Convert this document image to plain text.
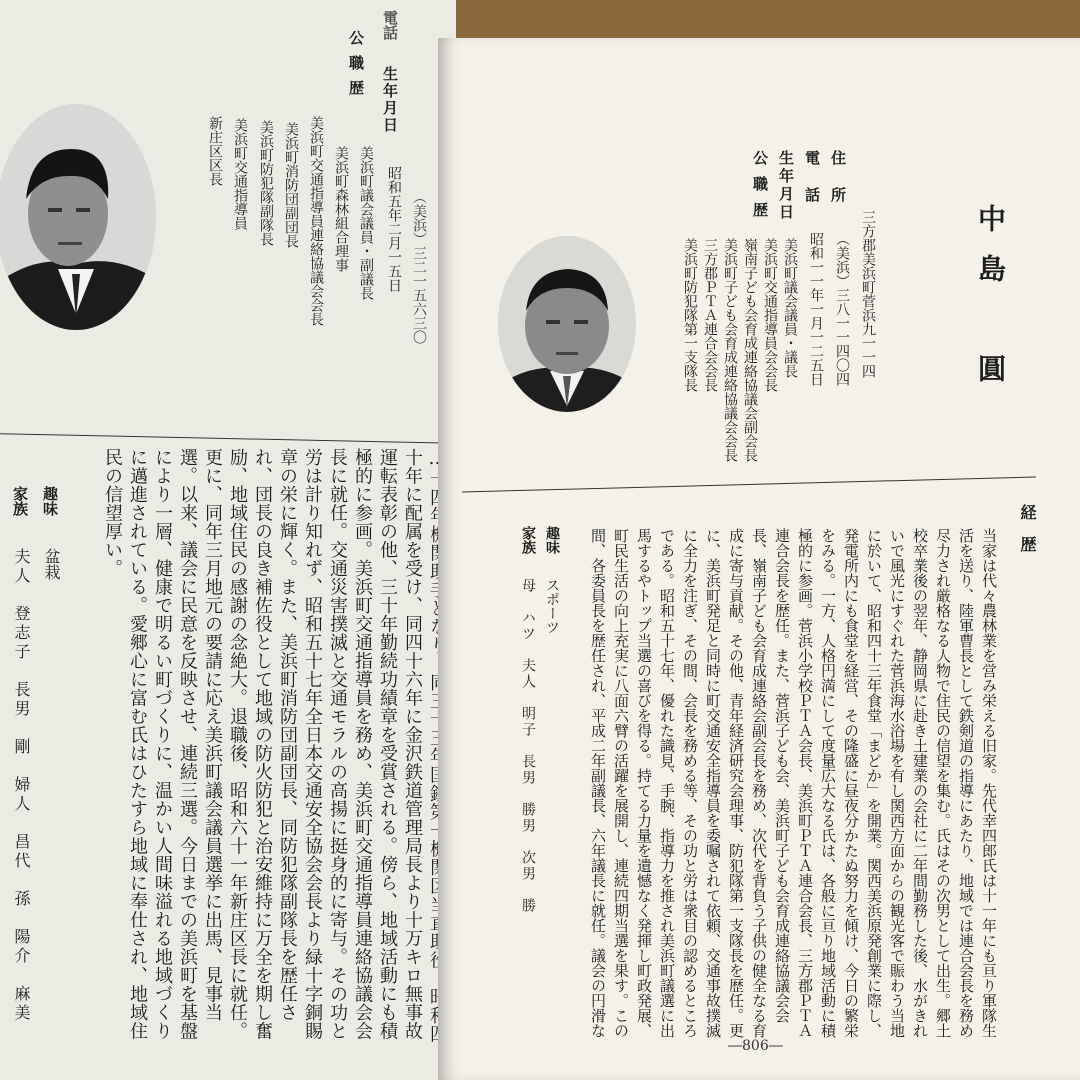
生年月日
電話
公職歴
（美浜）三二一五六三〇
昭和五年二月一五日
美浜町議会議員・副議長
美浜町森林組合理事
美浜町交通指導員連絡協議会会長
美浜町消防団副団長
美浜町防犯隊副隊長
美浜町交通指導員
新庄区区長
十年に配属を受け、同四十六年に金沢鉄道管理局長より十万キロ無事故運転表彰の他、三十年勤続功績章を受賞される。傍ら、地域活動にも積極的に参画。美浜町交通指導員を務め、美浜町交通指導員連絡協議会会長に就任。交通災害撲滅と交通モラルの高揚に挺身的に寄与。その功と労は計り知れず、昭和五十七年全日本交通安全協会会長より緑十字銅賜章の栄に輝く。また、美浜町消防団副団長、同防犯隊副隊長を歴任され、団長の良き補佐役として地域の防火防犯と治安維持に万全を期し奮励、地域住民の感謝の念絶大。退職後、昭和六十一年新庄区長に就任。更に、同年三月地元の要請に応え美浜町議会議員選挙に出馬、見事当選。以来、議会に民意を反映させ、連続三選。今日までの美浜町を基盤により一層、健康で明るい町づくりに、温かい人間味溢れる地域づくりに邁進されている。愛郷心に富む氏はひたすら地域に奉仕され、地域住民の信望厚い。
趣味
盆栽
家族
夫人　登志子　長男　剛　婦人　昌代　孫　陽介　麻美
中島　圓
住所
電話
生年月日
公職歴
三方郡美浜町菅浜九一一四
（美浜）三八一一四〇四
昭和一一年一月一二五日
美浜町議会議員・議長
美浜町交通指導員会会長
嶺南子ども会育成連絡協議会副会長
美浜町子ども会育成連絡協議会会長
三方郡ＰＴＡ連合会会長
美浜町防犯隊第一支隊長
経　歴
当家は代々農林業を営み栄える旧家。先代幸四郎氏は十一年にも亘り軍隊生活を送り、陸軍曹長として鉄剣道の指導にあたり、地域では連合会長を務め尽力され厳格なる人物で住民の信望を集む。氏はその次男として出生。郷土校卒業後の翌年、静岡県に赴き土建業の会社に二年間勤務した後、水がきれいで風光にすぐれた菅浜海水浴場を有し関西方面からの観光客で賑わう当地に於いて、昭和四十三年食堂「まどか」を開業。関西美浜原発創業に際し、発電所内にも食堂を経営、その隆盛に昼夜分かたぬ努力を傾け、今日の繁栄をみる。一方、人格円満にして度量広大なる氏は、各般に亘り地域活動に積極的に参画。菅浜小学校ＰＴＡ会長、美浜町ＰＴＡ連合会長、三方郡ＰＴＡ連合会長を歴任。また、菅浜子ども会、美浜町子ども会育成連絡協議会会長、嶺南子ども会育成連絡会副会長を務め、次代を背負う子供の健全なる育成に寄与貢献。その他、青年経済研究会理事、防犯隊第一支隊長を歴任。更に、美浜町発足と同時に町交通安全指導員を委嘱されて依頼、交通事故撲滅に全力を注ぎ、その間、会長を務める等、その功と労は衆目の認めるところである。昭和五十七年、優れた識見、手腕、指導力を推され美浜町議選に出馬するやトップ当選の喜びを得る。持てる力量を遺憾なく発揮し町政発展、町民生活の向上充実に八面六臂の活躍を展開し、連続四期当選を果す。この間、各委員長を歴任され、平成二年副議長、六年議長に就任。議会の円滑な
趣味
スポーツ
家族
母　ハツ　夫人　明子　長男　勝男　次男　勝
―806―
